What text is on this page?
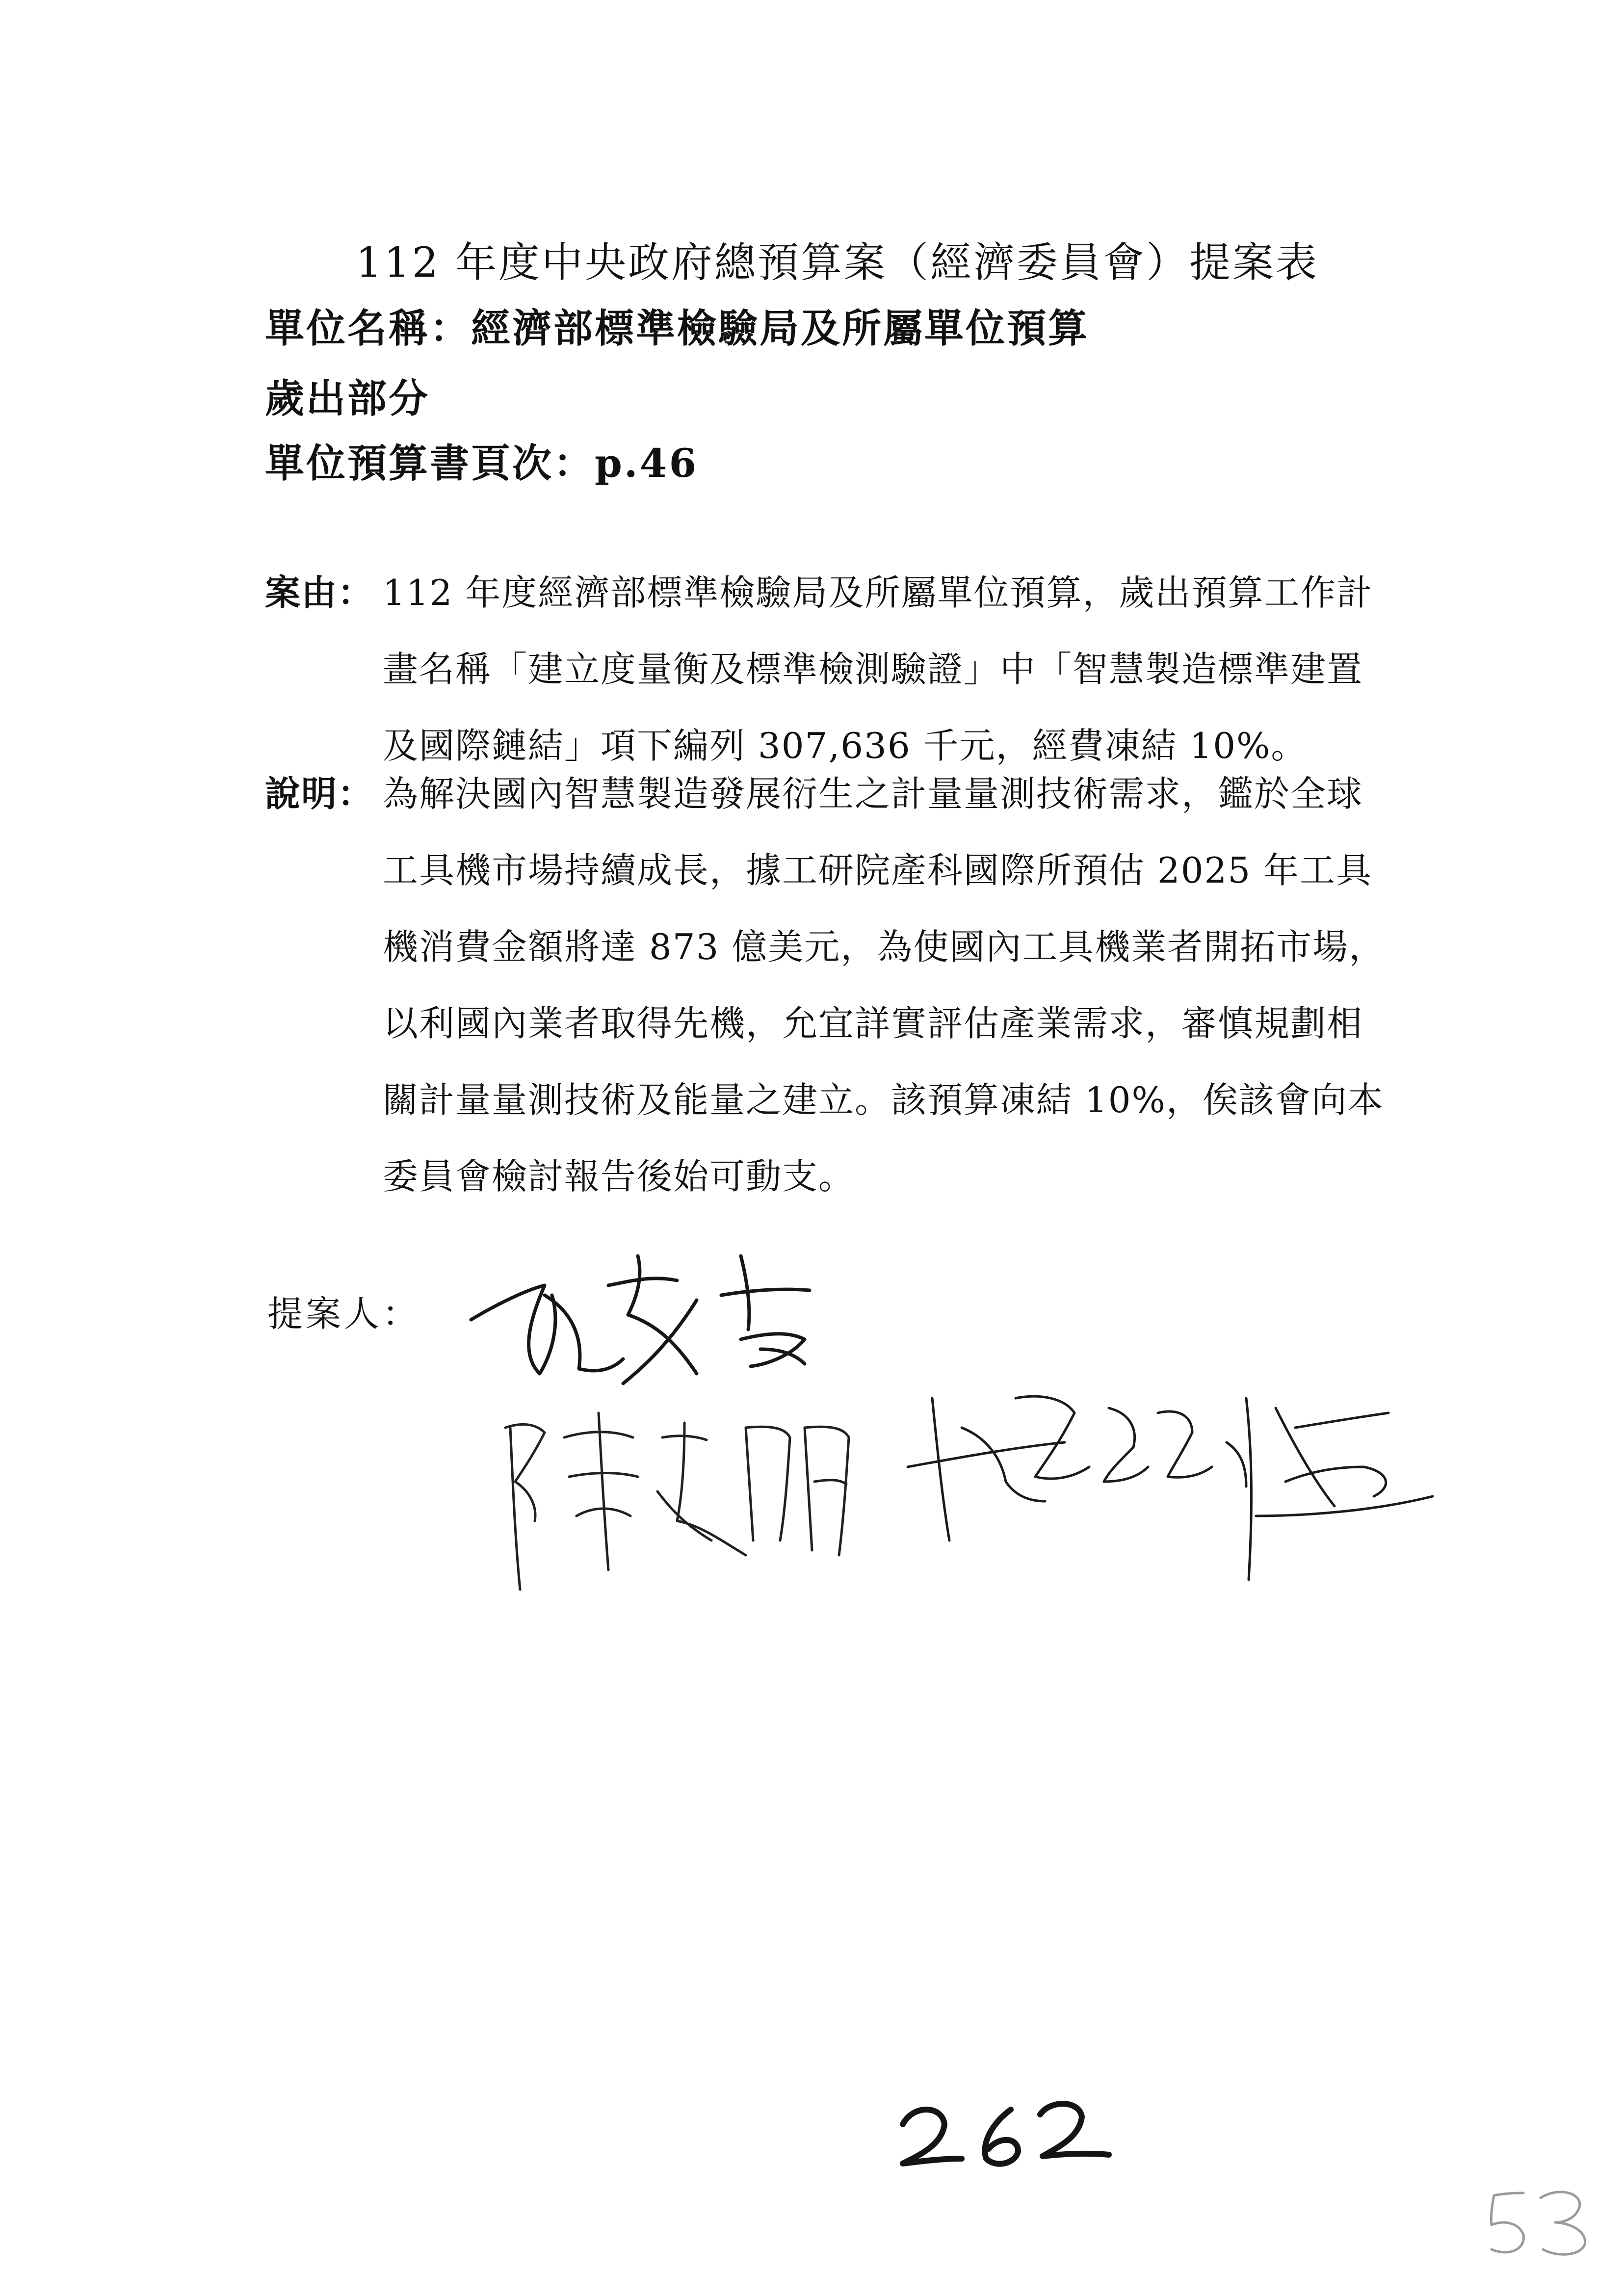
112 年度中央政府總預算案（經濟委員會）提案表
單位名稱：經濟部標準檢驗局及所屬單位預算
歲出部分
單位預算書頁次：p.46
案由： 112 年度經濟部標準檢驗局及所屬單位預算，歲出預算工作計

畫名稱「建立度量衡及標準檢測驗證」中「智慧製造標準建置

及國際鏈結」項下編列 307,636 千元，經費凍結 10%。

說明： 為解決國內智慧製造發展衍生之計量量測技術需求，鑑於全球

工具機市場持續成長，據工研院產科國際所預估 2025 年工具

機消費金額將達 873 億美元，為使國內工具機業者開拓市場，

以利國內業者取得先機，允宜詳實評估產業需求，審慎規劃相

關計量量測技術及能量之建立。該預算凍結 10%，俟該會向本

委員會檢討報告後始可動支。

提案人：
